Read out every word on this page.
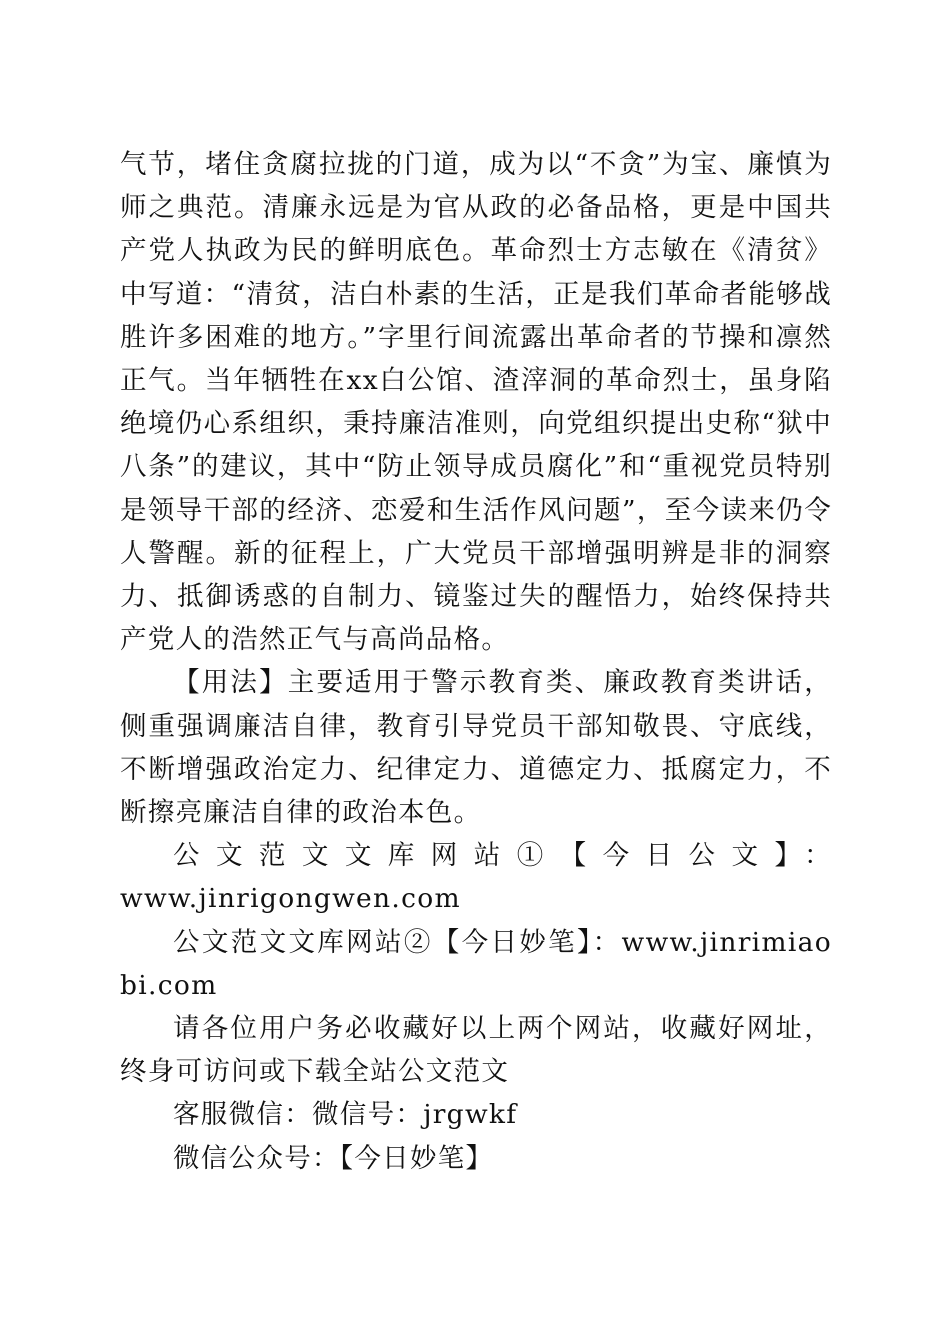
气节，堵住贪腐拉拢的门道，成为以“不贪”为宝、廉慎为师之典范。清廉永远是为官从政的必备品格，更是中国共产党人执政为民的鲜明底色。革命烈士方志敏在《清贫》中写道：“清贫，洁白朴素的生活，正是我们革命者能够战胜许多困难的地方。”字里行间流露出革命者的节操和凛然正气。当年牺牲在xx白公馆、渣滓洞的革命烈士，虽身陷绝境仍心系组织，秉持廉洁准则，向党组织提出史称“狱中八条”的建议，其中“防止领导成员腐化”和“重视党员特别是领导干部的经济、恋爱和生活作风问题”，至今读来仍令人警醒。新的征程上，广大党员干部增强明辨是非的洞察力、抵御诱惑的自制力、镜鉴过失的醒悟力，始终保持共产党人的浩然正气与高尚品格。

【用法】主要适用于警示教育类、廉政教育类讲话，侧重强调廉洁自律，教育引导党员干部知敬畏、守底线，不断增强政治定力、纪律定力、道德定力、抵腐定力，不断擦亮廉洁自律的政治本色。

公文范文文库网站①【今日公文】：

www.jinrigongwen.com

公文范文文库网站②【今日妙笔】：www.jinrimiaobi.com

请各位用户务必收藏好以上两个网站，收藏好网址，终身可访问或下载全站公文范文

客服微信：微信号：jrgwkf

微信公众号：【今日妙笔】
